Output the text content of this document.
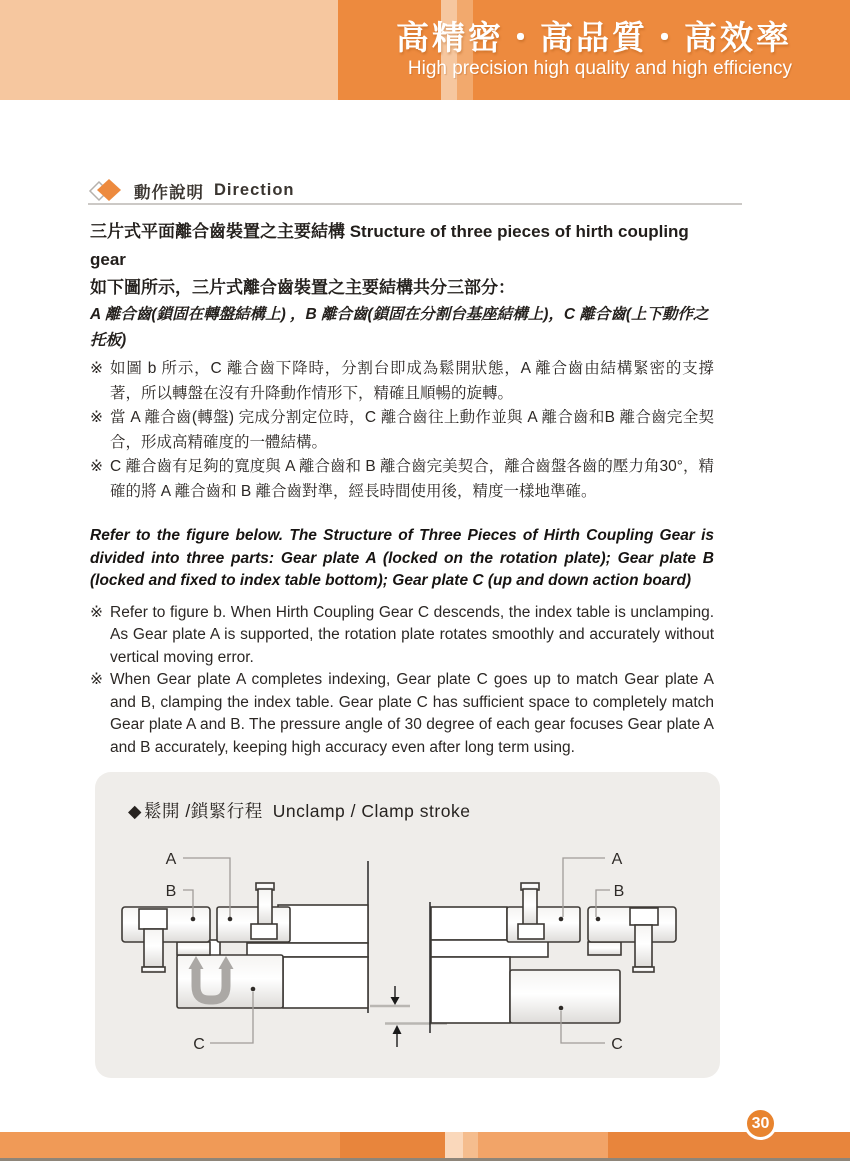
高精密・高品質・高效率
High precision high quality and high efficiency
動作說明 Direction
三片式平面離合齒裝置之主要結構 Structure of three pieces of hirth coupling gear
如下圖所示，三片式離合齒裝置之主要結構共分三部分：
A 離合齒(鎖固在轉盤結構上) ，B 離合齒(鎖固在分割台基座結構上)，C 離合齒(上下動作之托板)
※ 如圖 b 所示，C 離合齒下降時，分割台即成為鬆開狀態，A 離合齒由結構緊密的支撐著，所以轉盤在沒有升降動作情形下，精確且順暢的旋轉。
※ 當 A 離合齒(轉盤) 完成分割定位時，C 離合齒往上動作並與 A 離合齒和B 離合齒完全契合，形成高精確度的一體結構。
※ C 離合齒有足夠的寬度與 A 離合齒和 B 離合齒完美契合，離合齒盤各齒的壓力角30°，精確的將 A 離合齒和 B 離合齒對準，經長時間使用後，精度一樣地準確。
Refer to the figure below. The Structure of Three Pieces of Hirth Coupling Gear is divided into three parts: Gear plate A (locked on the rotation plate); Gear plate B (locked and fixed to index table bottom); Gear plate C (up and down action board)
※ Refer to figure b. When Hirth Coupling Gear C descends, the index table is unclamping. As Gear plate A is supported, the rotation plate rotates smoothly and accurately without vertical moving error.
※ When Gear plate A completes indexing, Gear plate C goes up to match Gear plate A and B, clamping the index table. Gear plate C has sufficient space to completely match Gear plate A and B. The pressure angle of 30 degree of each gear focuses Gear plate A and B accurately, keeping high accuracy even after long term using.
◆ 鬆開 /鎖緊行程 Unclamp / Clamp stroke
A
B
C
A
B
C
30
